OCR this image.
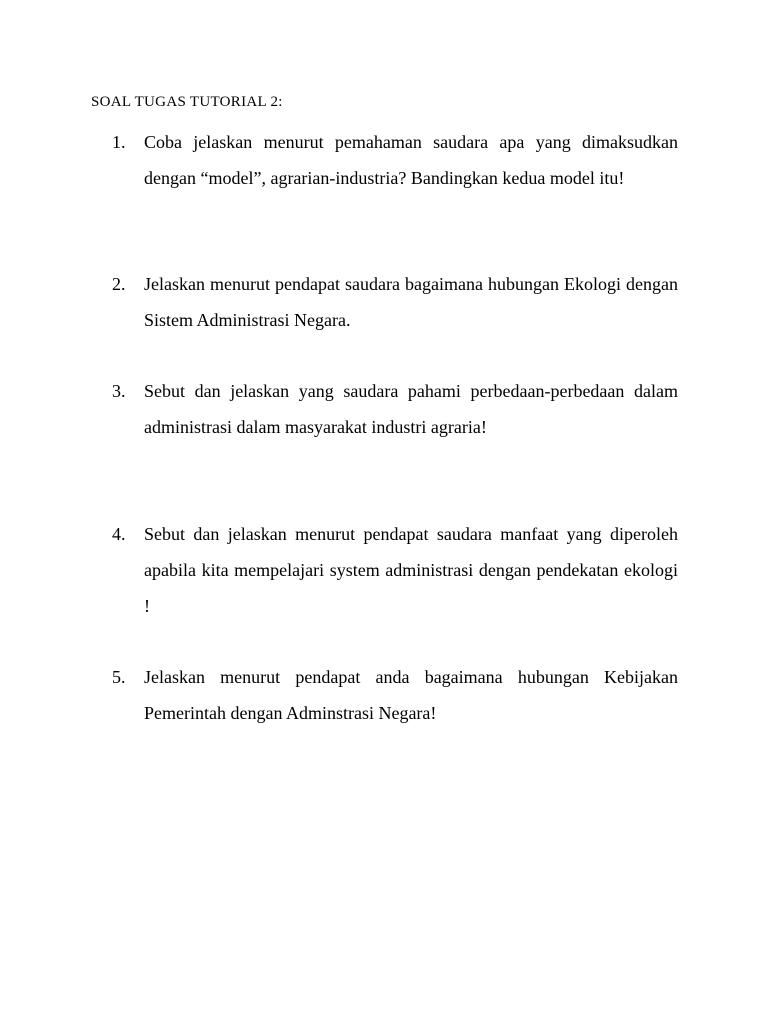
SOAL TUGAS TUTORIAL 2:
1. Coba jelaskan menurut pemahaman saudara apa yang dimaksudkan dengan “model”, agrarian-industria? Bandingkan kedua model itu!
2. Jelaskan menurut pendapat saudara bagaimana hubungan Ekologi dengan Sistem Administrasi Negara.
3. Sebut dan jelaskan yang saudara pahami perbedaan-perbedaan dalam administrasi dalam masyarakat industri agraria!
4. Sebut dan jelaskan menurut pendapat saudara manfaat yang diperoleh apabila kita mempelajari system administrasi dengan pendekatan ekologi !
5. Jelaskan menurut pendapat anda bagaimana hubungan Kebijakan Pemerintah dengan Adminstrasi Negara!
